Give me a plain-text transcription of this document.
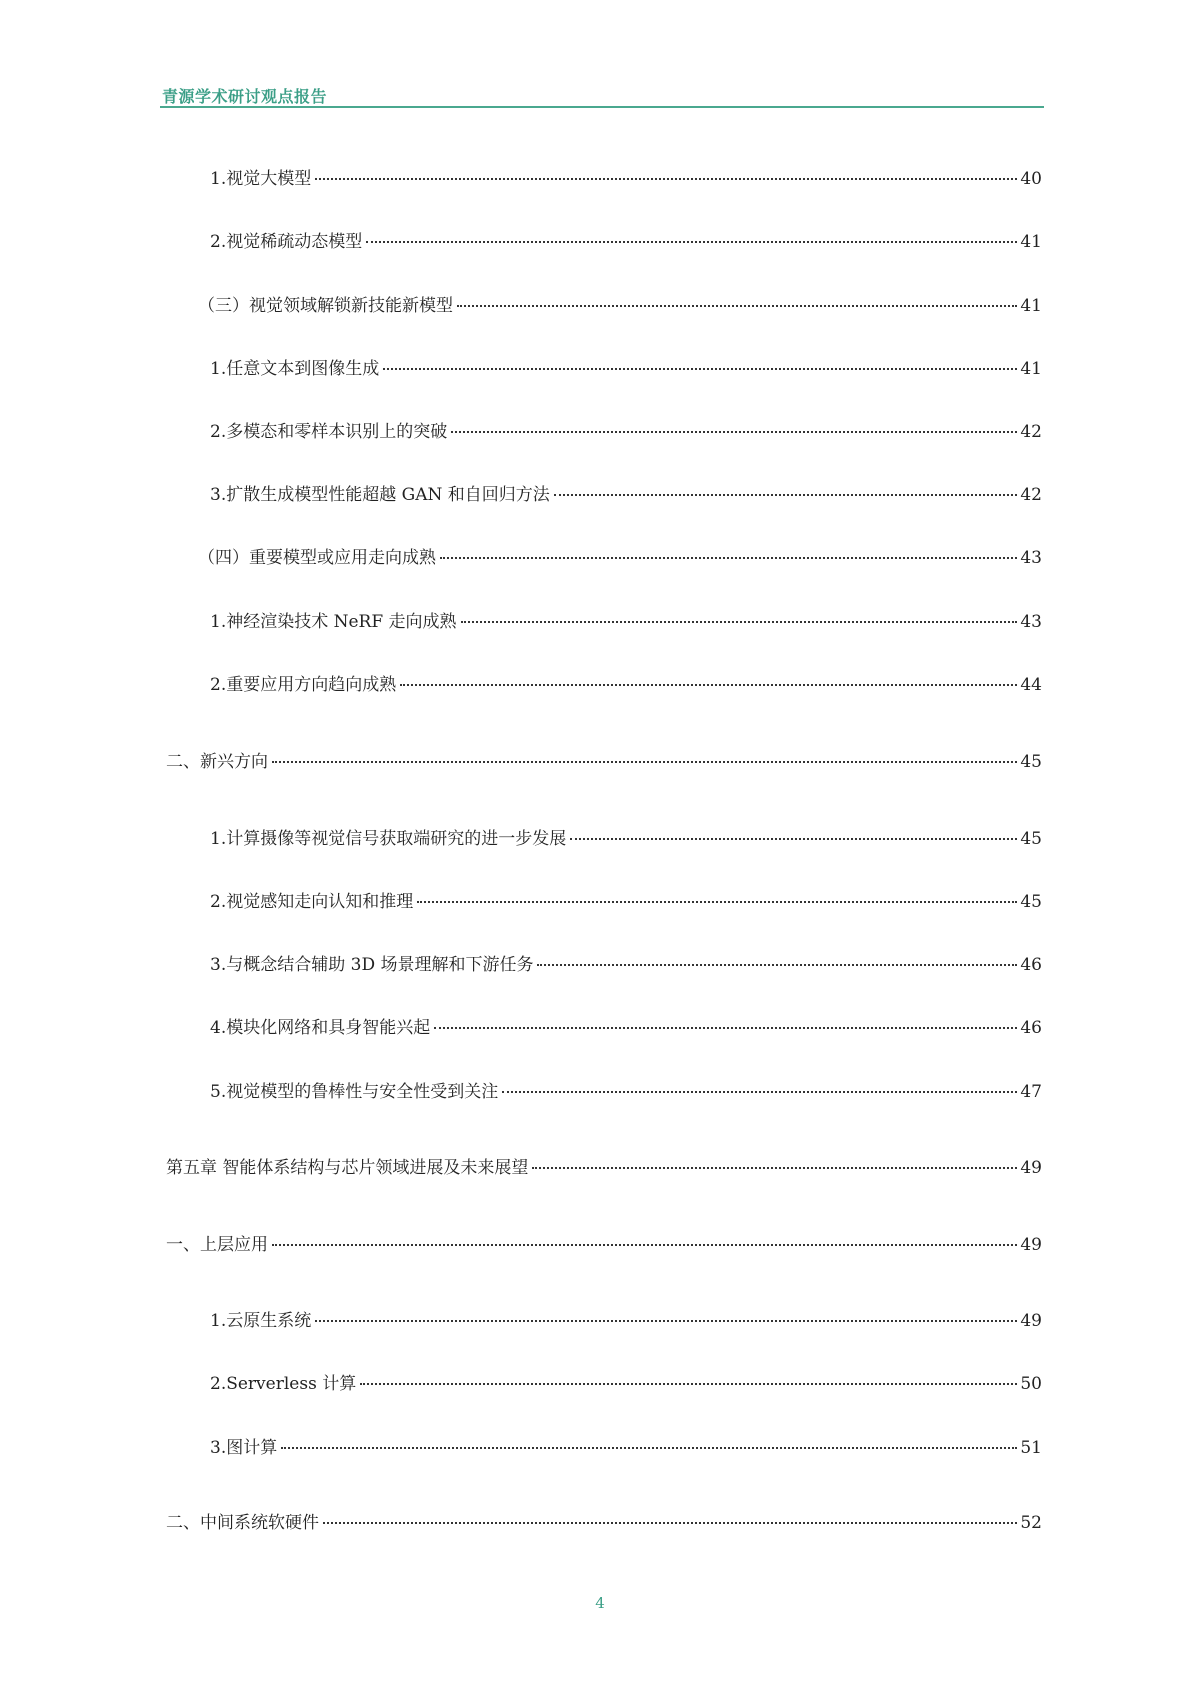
青源学术研讨观点报告
1.视觉大模型	40
2.视觉稀疏动态模型	41
（三）视觉领域解锁新技能新模型	41
1.任意文本到图像生成	41
2.多模态和零样本识别上的突破	42
3.扩散生成模型性能超越 GAN 和自回归方法	42
（四）重要模型或应用走向成熟	43
1.神经渲染技术 NeRF 走向成熟	43
2.重要应用方向趋向成熟	44
二、新兴方向	45
1.计算摄像等视觉信号获取端研究的进一步发展	45
2.视觉感知走向认知和推理	45
3.与概念结合辅助 3D 场景理解和下游任务	46
4.模块化网络和具身智能兴起	46
5.视觉模型的鲁棒性与安全性受到关注	47
第五章 智能体系结构与芯片领域进展及未来展望	49
一、上层应用	49
1.云原生系统	49
2.Serverless 计算	50
3.图计算	51
二、中间系统软硬件	52
4
